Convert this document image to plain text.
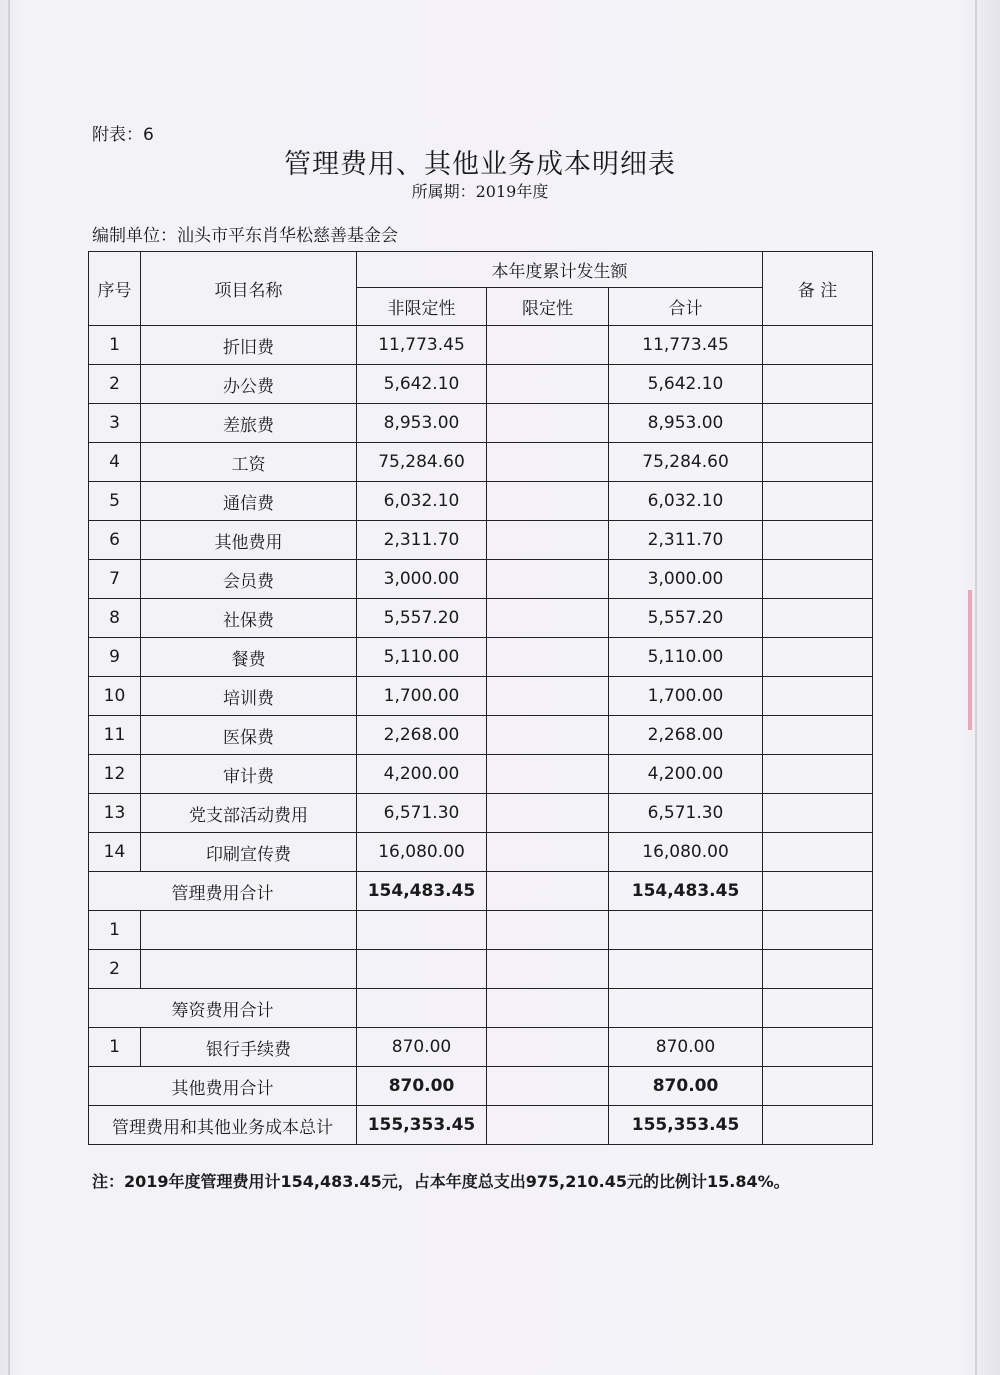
附表：6
管理费用、其他业务成本明细表
所属期：2019年度
编制单位：汕头市平东肖华松慈善基金会
序号	项目名称	本年度累计发生额			备 注
		非限定性	限定性	合计	
1	折旧费	11,773.45		11,773.45	
2	办公费	5,642.10		5,642.10	
3	差旅费	8,953.00		8,953.00	
4	工资	75,284.60		75,284.60	
5	通信费	6,032.10		6,032.10	
6	其他费用	2,311.70		2,311.70	
7	会员费	3,000.00		3,000.00	
8	社保费	5,557.20		5,557.20	
9	餐费	5,110.00		5,110.00	
10	培训费	1,700.00		1,700.00	
11	医保费	2,268.00		2,268.00	
12	审计费	4,200.00		4,200.00	
13	党支部活动费用	6,571.30		6,571.30	
14	印刷宣传费	16,080.00		16,080.00	
管理费用合计		154,483.45		154,483.45	
1					
2					
筹资费用合计					
1	银行手续费	870.00		870.00	
其他费用合计		870.00		870.00	
管理费用和其他业务成本总计		155,353.45		155,353.45	
注：2019年度管理费用计154,483.45元，占本年度总支出975,210.45元的比例计15.84%。
